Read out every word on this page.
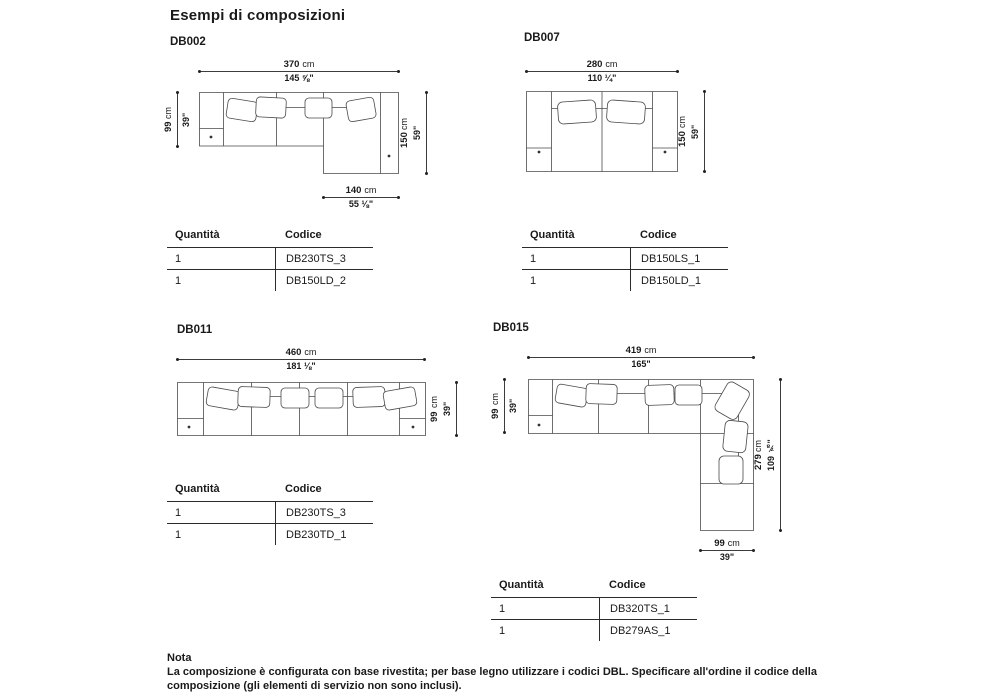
Esempi di composizioni
DB002
370 cm
145 ⅝"
99
cm 39"
150
cm
59"
140 cm
55 ⅛"
Quantità	Codice
1	DB230TS_3
1	DB150LD_2
DB007
280 cm
110 ¼"
150
cm
59"
Quantità	Codice
1	DB150LS_1
1	DB150LD_1
DB011
460 cm
181 ⅛"
99
cm 39"
Quantità	Codice
1	DB230TS_3
1	DB230TD_1
DB015
419 cm
165"
99
cm 39"
279
cm 109 ⅞"
99 cm
39"
Quantità	Codice
1	DB320TS_1
1	DB279AS_1
Nota
La composizione è configurata con base rivestita; per base legno utilizzare i codici DBL. Specificare all'ordine il codice della composizione (gli elementi di servizio non sono inclusi).
